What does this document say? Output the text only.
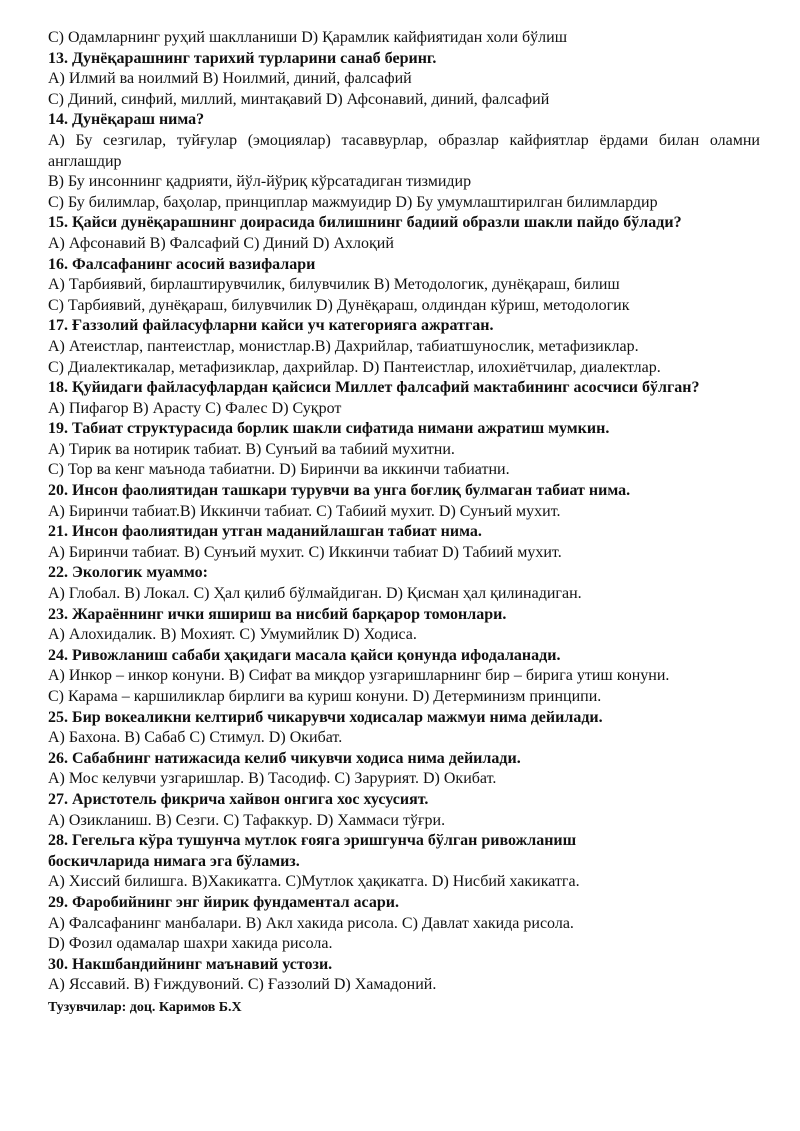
C) Одамларнинг руҳий шаклланиши D) Қарамлик кайфиятидан холи бўлиш

13. Дунёқарашнинг тарихий турларини санаб беринг.

A) Илмий ва ноилмий B) Ноилмий, диний, фалсафий

C) Диний, синфий, миллий, минтақавий D) Афсонавий, диний, фалсафий

14. Дунёқараш нима?

A) Бу сезгилар, туйғулар (эмоциялар) тасаввурлар, образлар кайфиятлар ёрдами билан оламни англашдир

B) Бу инсоннинг қадрияти, йўл-йўриқ кўрсатадиган тизмидир

C) Бу билимлар, баҳолар, принциплар мажмуидир D) Бу умумлаштирилган билимлардир

15. Қайси дунёқарашнинг доирасида билишнинг бадиий образли шакли пайдо бўлади?

A) Афсонавий B) Фалсафий C) Диний D) Ахлоқий

16. Фалсафанинг асосий вазифалари

A) Тарбиявий, бирлаштирувчилик, билувчилик B) Методологик, дунёқараш, билиш

C) Тарбиявий, дунёқараш, билувчилик D) Дунёқараш, олдиндан кўриш, методологик

17. Ғаззолий файласуфларни кайси уч категорияга ажратган.

A) Атеистлар, пантеистлар, монистлар.B) Дахрийлар, табиатшунослик, метафизиклар.

C) Диалектикалар, метафизиклар, дахрийлар. D) Пантеистлар, илохиётчилар, диалектлар.

18. Қуйидаги файласуфлардан қайсиси Миллет фалсафий мактабининг асосчиси бўлган?

A) Пифагор B) Арасту C) Фалес D) Суқрот

19. Табиат структурасида борлик шакли сифатида нимани ажратиш мумкин.

A) Тирик ва нотирик табиат. B) Сунъий ва табиий мухитни.

C) Тор ва кенг маънода табиатни. D) Биринчи ва иккинчи табиатни.

20. Инсон фаолиятидан ташкари турувчи ва унга боғлиқ булмаган табиат нима.

A) Биринчи табиат.B) Иккинчи табиат. C) Табиий мухит. D) Сунъий мухит.

21. Инсон фаолиятидан утган маданийлашган табиат нима.

A) Биринчи табиат. B) Сунъий мухит. C) Иккинчи табиат D) Табиий мухит.

22. Экологик муаммо:

A) Глобал. B) Локал. C) Ҳал қилиб бўлмайдиган. D) Қисман ҳал қилинадиган.

23. Жараённинг ички яшириш ва нисбий барқарор томонлари.

A) Алохидалик. B) Мохият. C) Умумийлик D) Ходиса.

24. Ривожланиш сабаби ҳақидаги масала қайси қонунда ифодаланади.

A) Инкор – инкор конуни. B) Сифат ва миқдор узгаришларнинг бир – бирига утиш конуни.

C) Карама – каршиликлар бирлиги ва куриш конуни. D) Детерминизм принципи.

25. Бир вокеаликни келтириб чикарувчи ходисалар мажмуи нима дейилади.

A) Бахона. B) Сабаб C) Стимул. D) Окибат.

26. Сабабнинг натижасида келиб чикувчи ходиса нима дейилади.

A) Мос келувчи узгаришлар. B) Тасодиф. C) Зарурият. D) Окибат.

27. Аристотель фикрича хайвон онгига хос хусусият.

A) Озикланиш. B) Сезги. C) Тафаккур. D) Хаммаси тўғри.

28. Гегельга кўра тушунча мутлок ғояга эришгунча бўлган ривожланиш

боскичларида нимага эга бўламиз.

A) Хиссий билишга. B)Хакикатга. C)Мутлок ҳақикатга. D) Нисбий хакикатга.

29. Фаробийнинг энг йирик фундаментал асари.

A) Фалсафанинг манбалари. B) Акл хакида рисола. C) Давлат хакида рисола.

D) Фозил одамалар шахри хакида рисола.

30. Накшбандийнинг маънавий устози.

A) Яссавий. B) Ғиждувоний. C) Ғаззолий D) Хамадоний.

Тузувчилар: доц. Каримов Б.Х
